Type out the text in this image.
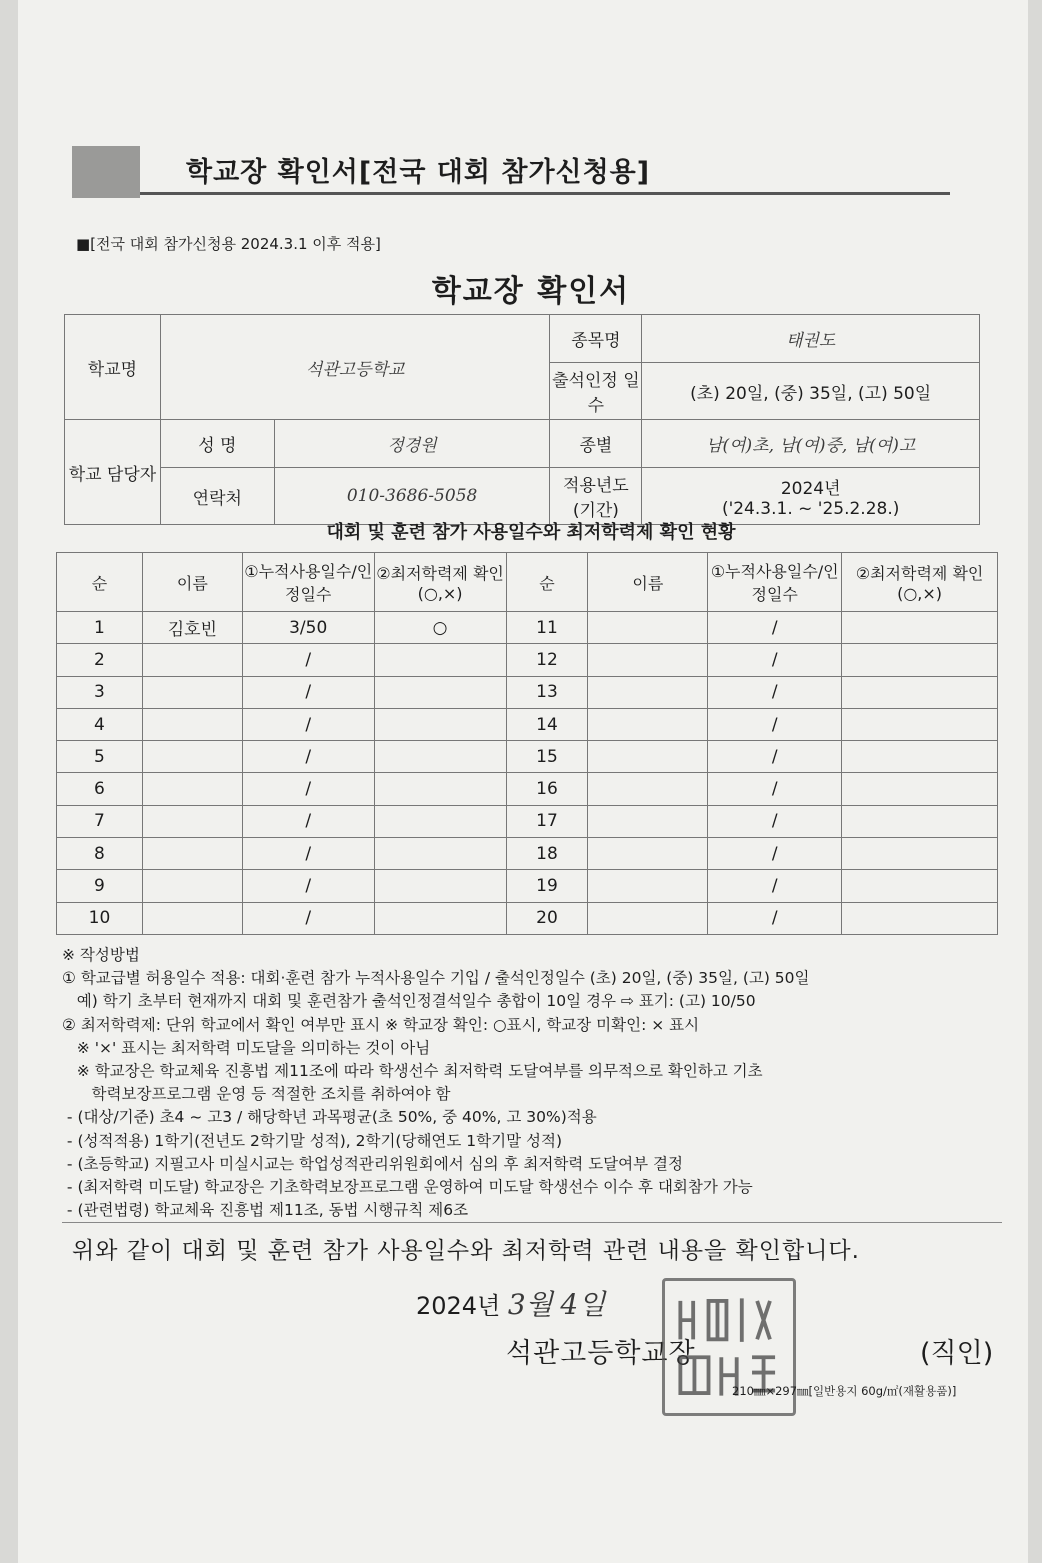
학교장 확인서[전국 대회 참가신청용]
■[전국 대회 참가신청용 2024.3.1 이후 적용]
학교장 확인서
학교명	석관고등학교		종목명	태권도
			출석인정 일수	(초) 20일, (중) 35일, (고) 50일
학교 담당자	성 명	정경원	종별	남(여)초, 남(여)중, 남(여)고
	연락처	010-3686-5058	적용년도 (기간)	2024년
('24.3.1. ~ '25.2.28.)
대회 및 훈련 참가 사용일수와 최저학력제 확인 현황
순	이름	①누적사용일수/인정일수	②최저학력제 확인(○,×)	순	이름	①누적사용일수/인정일수	②최저학력제 확인(○,×)
1	김호빈	3/50	○	11		/	
2		/		12		/	
3		/		13		/	
4		/		14		/	
5		/		15		/	
6		/		16		/	
7		/		17		/	
8		/		18		/	
9		/		19		/	
10		/		20		/	
※ 작성방법
① 학교급별 허용일수 적용: 대회·훈련 참가 누적사용일수 기입 / 출석인정일수 (초) 20일, (중) 35일, (고) 50일
예) 학기 초부터 현재까지 대회 및 훈련참가 출석인정결석일수 총합이 10일 경우 ⇨ 표기: (고) 10/50
② 최저학력제: 단위 학교에서 확인 여부만 표시 ※ 학교장 확인: ○표시, 학교장 미확인: × 표시
※ '×' 표시는 최저학력 미도달을 의미하는 것이 아님
※ 학교장은 학교체육 진흥법 제11조에 따라 학생선수 최저학력 도달여부를 의무적으로 확인하고 기초
학력보장프로그램 운영 등 적절한 조치를 취하여야 함
- (대상/기준) 초4 ~ 고3 / 해당학년 과목평균(초 50%, 중 40%, 고 30%)적용
- (성적적용) 1학기(전년도 2학기말 성적), 2학기(당해연도 1학기말 성적)
- (초등학교) 지필고사 미실시교는 학업성적관리위원회에서 심의 후 최저학력 도달여부 결정
- (최저학력 미도달) 학교장은 기초학력보장프로그램 운영하여 미도달 학생선수 이수 후 대회참가 가능
- (관련법령) 학교체육 진흥법 제11조, 동법 시행규칙 제6조
위와 같이 대회 및 훈련 참가 사용일수와 최저학력 관련 내용을 확인합니다.
2024년 3월 4일
석관고등학교장	(직인)
210㎜×297㎜[일반용지 60g/㎡(재활용품)]
